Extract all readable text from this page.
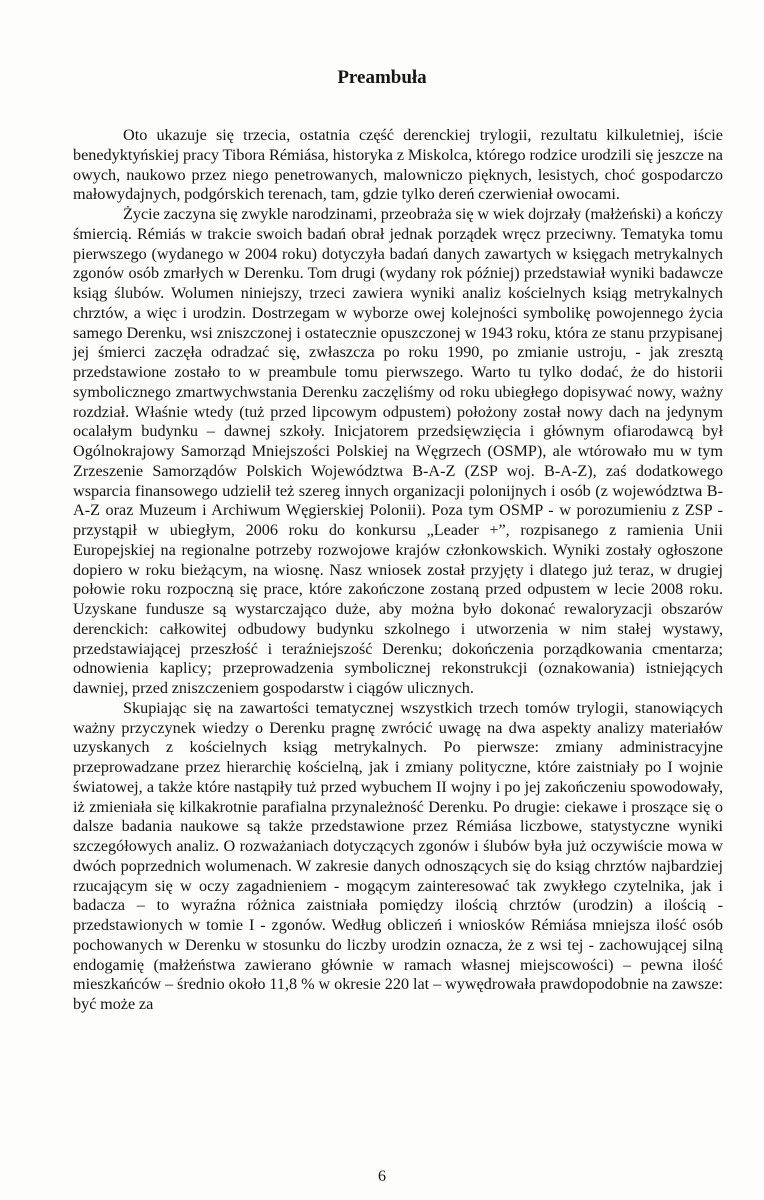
Preambuła

Oto ukazuje się trzecia, ostatnia część derenckiej trylogii, rezultatu kilkuletniej, iście benedyktyńskiej pracy Tibora Rémiása, historyka z Miskolca, którego rodzice urodzili się jeszcze na owych, naukowo przez niego penetrowanych, malowniczo pięknych, lesistych, choć gospodarczo małowydajnych, podgórskich terenach, tam, gdzie tylko dereń czerwieniał owocami.

Życie zaczyna się zwykle narodzinami, przeobraża się w wiek dojrzały (małżeński) a kończy śmiercią. Rémiás w trakcie swoich badań obrał jednak porządek wręcz przeciwny. Tematyka tomu pierwszego (wydanego w 2004 roku) dotyczyła badań danych zawartych w księgach metrykalnych zgonów osób zmarłych w Derenku. Tom drugi (wydany rok później) przedstawiał wyniki badawcze ksiąg ślubów. Wolumen niniejszy, trzeci zawiera wyniki analiz kościelnych ksiąg metrykalnych chrztów, a więc i urodzin. Dostrzegam w wyborze owej kolejności symbolikę powojennego życia samego Derenku, wsi zniszczonej i ostatecznie opuszczonej w 1943 roku, która ze stanu przypisanej jej śmierci zaczęła odradzać się, zwłaszcza po roku 1990, po zmianie ustroju, - jak zresztą przedstawione zostało to w preambule tomu pierwszego. Warto tu tylko dodać, że do historii symbolicznego zmartwychwstania Derenku zaczęliśmy od roku ubiegłego dopisywać nowy, ważny rozdział. Właśnie wtedy (tuż przed lipcowym odpustem) położony został nowy dach na jedynym ocalałym budynku – dawnej szkoły. Inicjatorem przedsięwzięcia i głównym ofiarodawcą był Ogólnokrajowy Samorząd Mniejszości Polskiej na Węgrzech (OSMP), ale wtórowało mu w tym Zrzeszenie Samorządów Polskich Województwa B-A-Z (ZSP woj. B-A-Z), zaś dodatkowego wsparcia finansowego udzielił też szereg innych organizacji polonijnych i osób (z województwa B-A-Z oraz Muzeum i Archiwum Węgierskiej Polonii). Poza tym OSMP - w porozumieniu z ZSP - przystąpił w ubiegłym, 2006 roku do konkursu „Leader +”, rozpisanego z ramienia Unii Europejskiej na regionalne potrzeby rozwojowe krajów członkowskich. Wyniki zostały ogłoszone dopiero w roku bieżącym, na wiosnę. Nasz wniosek został przyjęty i dlatego już teraz, w drugiej połowie roku rozpoczną się prace, które zakończone zostaną przed odpustem w lecie 2008 roku. Uzyskane fundusze są wystarczająco duże, aby można było dokonać rewaloryzacji obszarów derenckich: całkowitej odbudowy budynku szkolnego i utworzenia w nim stałej wystawy, przedstawiającej przeszłość i teraźniejszość Derenku; dokończenia porządkowania cmentarza; odnowienia kaplicy; przeprowadzenia symbolicznej rekonstrukcji (oznakowania) istniejących dawniej, przed zniszczeniem gospodarstw i ciągów ulicznych.

Skupiając się na zawartości tematycznej wszystkich trzech tomów trylogii, stanowiących ważny przyczynek wiedzy o Derenku pragnę zwrócić uwagę na dwa aspekty analizy materiałów uzyskanych z kościelnych ksiąg metrykalnych. Po pierwsze: zmiany administracyjne przeprowadzane przez hierarchię kościelną, jak i zmiany polityczne, które zaistniały po I wojnie światowej, a także które nastąpiły tuż przed wybuchem II wojny i po jej zakończeniu spowodowały, iż zmieniała się kilkakrotnie parafialna przynależność Derenku. Po drugie: ciekawe i proszące się o dalsze badania naukowe są także przedstawione przez Rémiása liczbowe, statystyczne wyniki szczegółowych analiz. O rozważaniach dotyczących zgonów i ślubów była już oczywiście mowa w dwóch poprzednich wolumenach. W zakresie danych odnoszących się do ksiąg chrztów najbardziej rzucającym się w oczy zagadnieniem - mogącym zainteresować tak zwykłego czytelnika, jak i badacza – to wyraźna różnica zaistniała pomiędzy ilością chrztów (urodzin) a ilością - przedstawionych w tomie I - zgonów. Według obliczeń i wniosków Rémiása mniejsza ilość osób pochowanych w Derenku w stosunku do liczby urodzin oznacza, że z wsi tej - zachowującej silną endogamię (małżeństwa zawierano głównie w ramach własnej miejscowości) – pewna ilość mieszkańców – średnio około 11,8 % w okresie 220 lat – wywędrowała prawdopodobnie na zawsze: być może za

6
